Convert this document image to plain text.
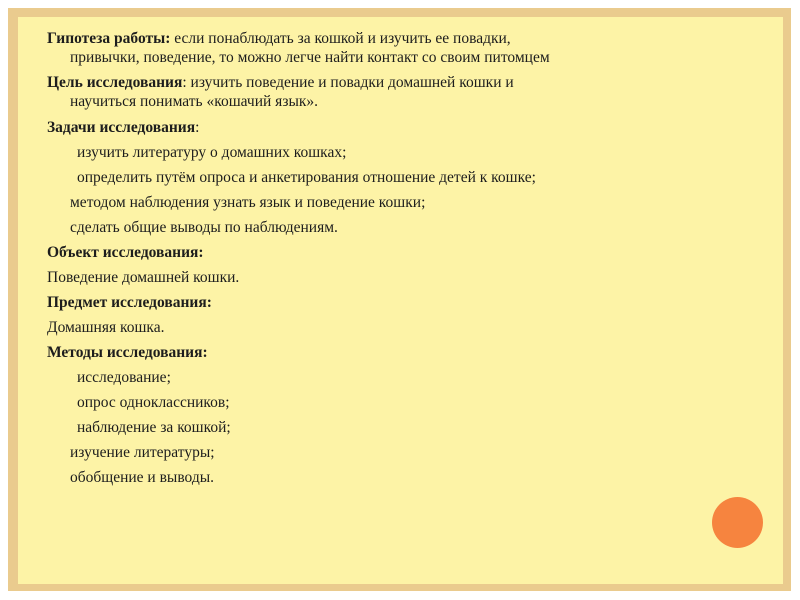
Гипотеза работы: если понаблюдать за кошкой и изучить ее повадки,
привычки, поведение, то можно легче найти контакт со своим питомцем
Цель исследования: изучить поведение и повадки домашней кошки и
научиться понимать «кошачий язык».
Задачи исследования:
изучить литературу о домашних кошках;
определить путём опроса и анкетирования отношение детей к кошке;
методом наблюдения узнать язык и поведение кошки;
сделать общие выводы по наблюдениям.
Объект исследования:
Поведение домашней кошки.
Предмет исследования:
Домашняя кошка.
Методы исследования:
исследование;
опрос одноклассников;
наблюдение за кошкой;
изучение литературы;
обобщение и выводы.
